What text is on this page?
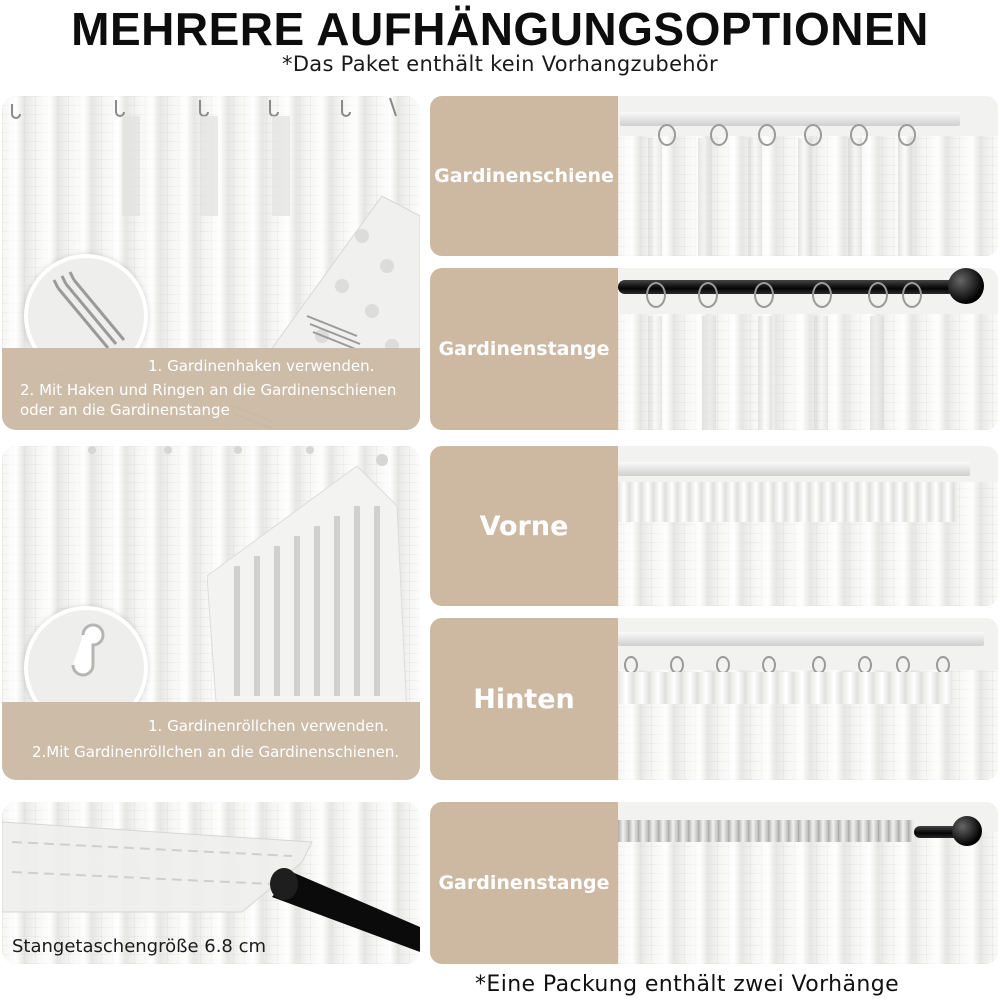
MEHRERE AUFHÄNGUNGSOPTIONEN
*Das Paket enthält kein Vorhangzubehör
1. Gardinenhaken verwenden.
2. Mit Haken und Ringen an die Gardinenschienen
oder an die Gardinenstange
1. Gardinenröllchen verwenden.
2.Mit Gardinenröllchen an die Gardinenschienen.
Stangetaschengröße 6.8 cm
Gardinenschiene
Gardinenstange
Vorne
Hinten
Gardinenstange
*Eine Packung enthält zwei Vorhänge
